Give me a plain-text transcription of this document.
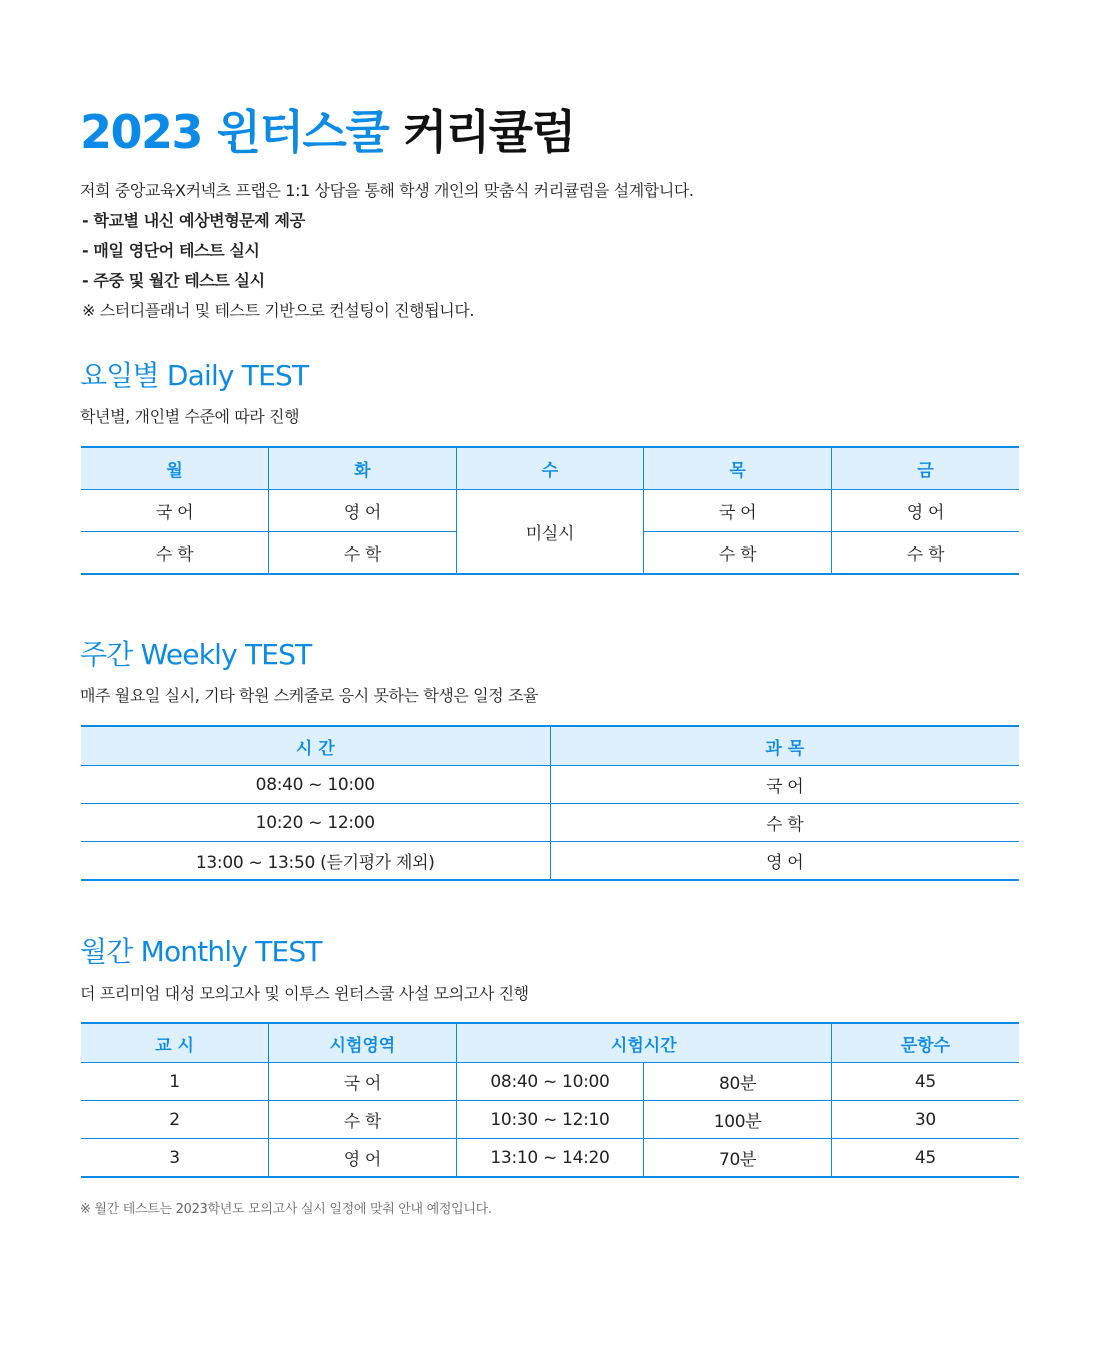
2023 윈터스쿨 커리큘럼
저희 중앙교육X커넥츠 프랩은 1:1 상담을 통해 학생 개인의 맞춤식 커리큘럼을 설계합니다.
- 학교별 내신 예상변형문제 제공
- 매일 영단어 테스트 실시
- 주중 및 월간 테스트 실시
※ 스터디플래너 및 테스트 기반으로 컨설팅이 진행됩니다.
요일별 Daily TEST
학년별, 개인별 수준에 따라 진행
월	화	수	목	금
국 어	영 어	미실시	국 어	영 어
수 학	수 학		수 학	수 학
주간 Weekly TEST
매주 월요일 실시, 기타 학원 스케줄로 응시 못하는 학생은 일정 조율
시 간	과 목
08:40 ~ 10:00	국 어
10:20 ~ 12:00	수 학
13:00 ~ 13:50 (듣기평가 제외)	영 어
월간 Monthly TEST
더 프리미엄 대성 모의고사 및 이투스 윈터스쿨 사설 모의고사 진행
교 시	시험영역	시험시간		문항수
1	국 어	08:40 ~ 10:00	80분	45
2	수 학	10:30 ~ 12:10	100분	30
3	영 어	13:10 ~ 14:20	70분	45
※ 월간 테스트는 2023학년도 모의고사 실시 일정에 맞춰 안내 예정입니다.
